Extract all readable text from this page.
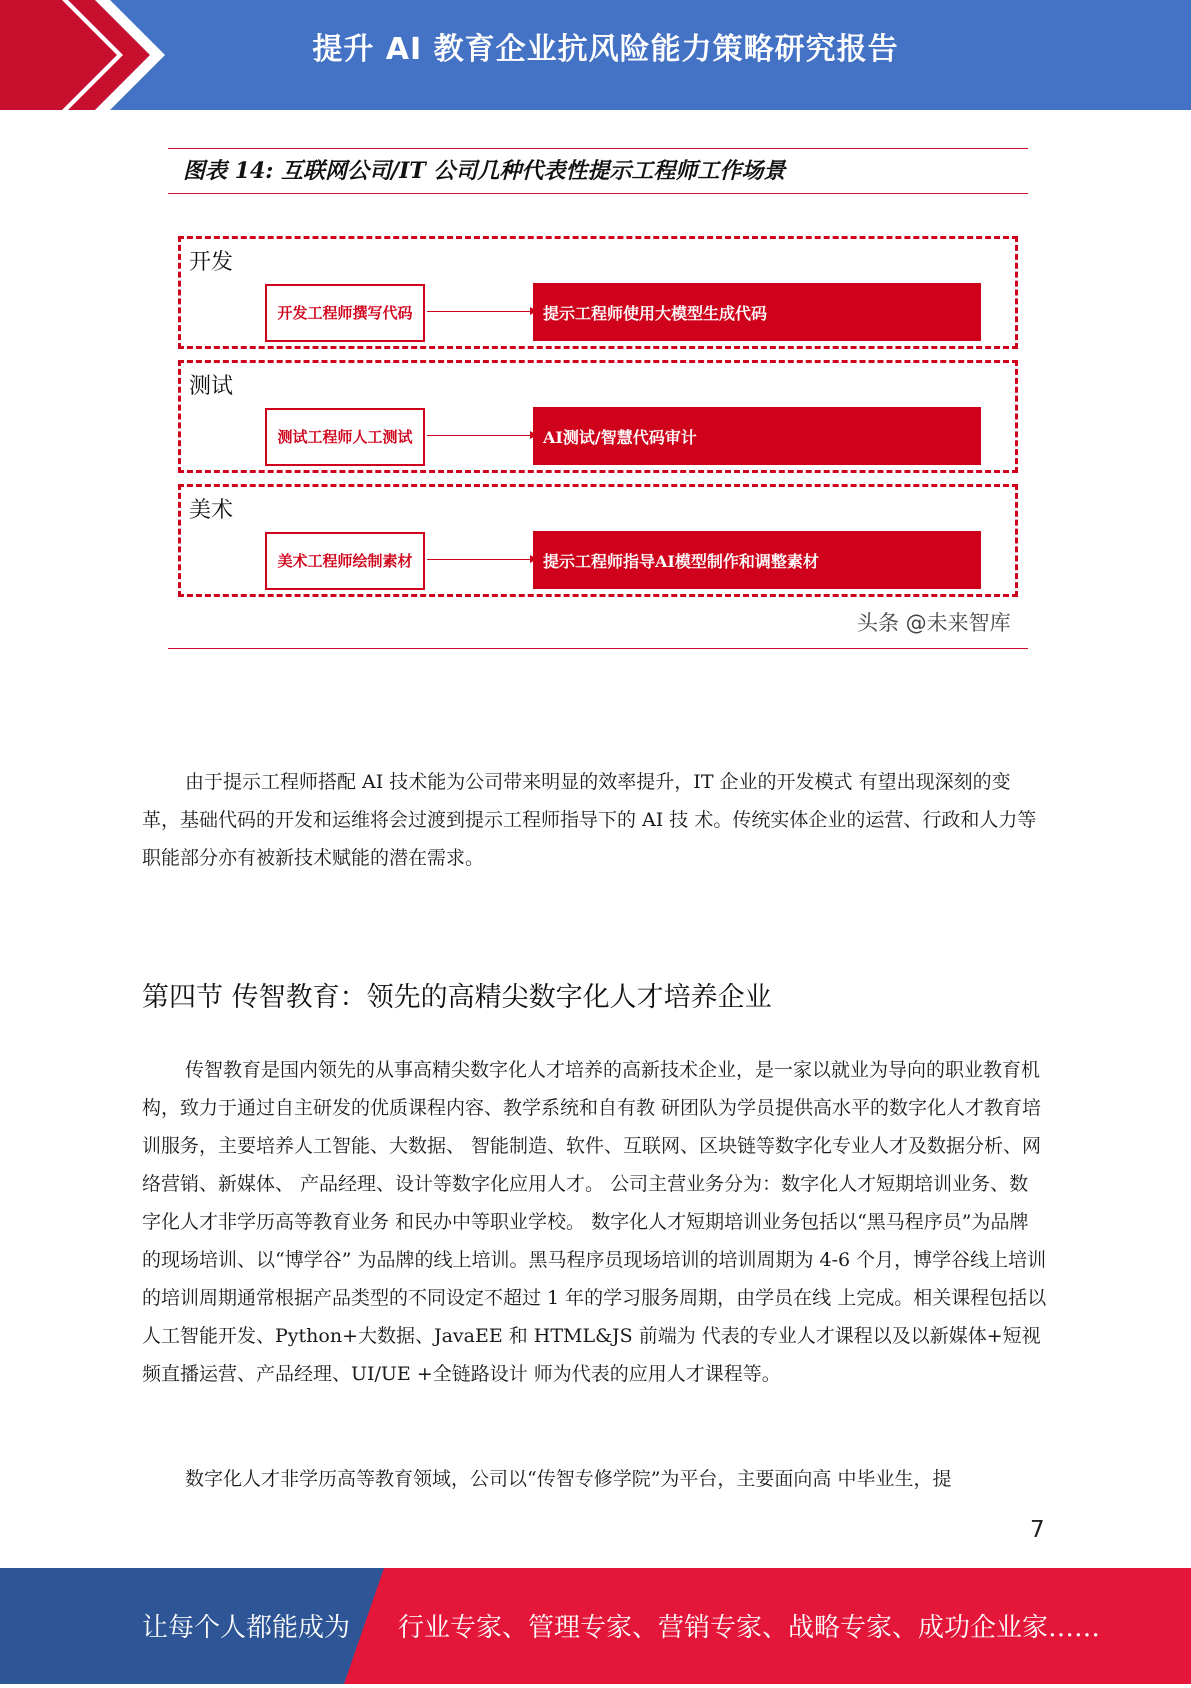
提升 AI 教育企业抗风险能力策略研究报告
图表 14: 互联网公司/IT 公司几种代表性提示工程师工作场景
开发
开发工程师撰写代码	提示工程师使用大模型生成代码
测试
测试工程师人工测试	AI测试/智慧代码审计
美术
美术工程师绘制素材	提示工程师指导AI模型制作和调整素材
头条 @未来智库

由于提示工程师搭配 AI 技术能为公司带来明显的效率提升，IT 企业的开发模式 有望出现深刻的变革，基础代码的开发和运维将会过渡到提示工程师指导下的 AI 技 术。传统实体企业的运营、行政和人力等职能部分亦有被新技术赋能的潜在需求。

第四节 传智教育：领先的高精尖数字化人才培养企业

传智教育是国内领先的从事高精尖数字化人才培养的高新技术企业，是一家以就业为导向的职业教育机构，致力于通过自主研发的优质课程内容、教学系统和自有教 研团队为学员提供高水平的数字化人才教育培训服务，主要培养人工智能、大数据、 智能制造、软件、互联网、区块链等数字化专业人才及数据分析、网络营销、新媒体、 产品经理、设计等数字化应用人才。 公司主营业务分为：数字化人才短期培训业务、数字化人才非学历高等教育业务 和民办中等职业学校。 数字化人才短期培训业务包括以“黑马程序员”为品牌的现场培训、以“博学谷” 为品牌的线上培训。黑马程序员现场培训的培训周期为 4-6 个月，博学谷线上培训 的培训周期通常根据产品类型的不同设定不超过 1 年的学习服务周期，由学员在线 上完成。相关课程包括以人工智能开发、Python+大数据、JavaEE 和 HTML&JS 前端为 代表的专业人才课程以及以新媒体+短视频直播运营、产品经理、UI/UE +全链路设计 师为代表的应用人才课程等。

数字化人才非学历高等教育领域，公司以“传智专修学院”为平台，主要面向高 中毕业生，提

7
让每个人都能成为 行业专家、管理专家、营销专家、战略专家、成功企业家……
